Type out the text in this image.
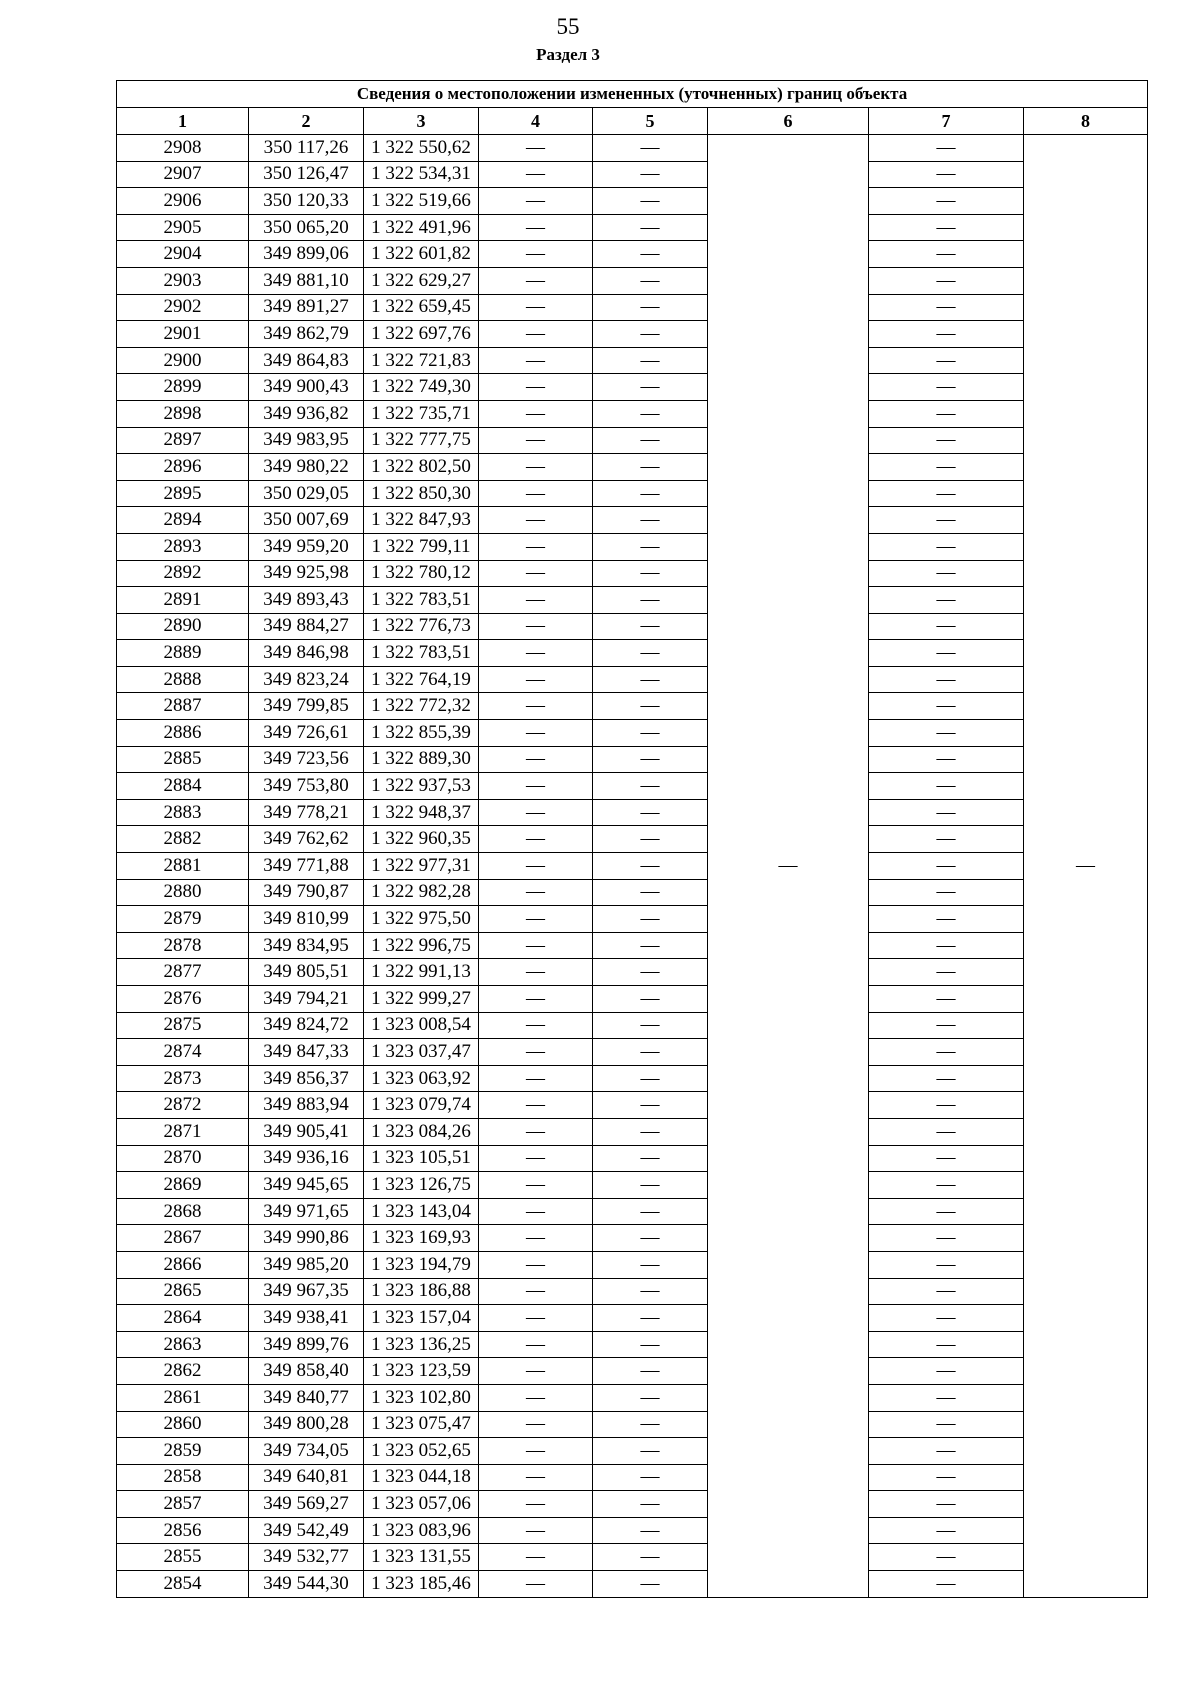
55
Раздел 3
Сведения о местоположении измененных (уточненных) границ объекта							
1	2	3	4	5	6	7	8
2908	350 117,26	1 322 550,62	—	—	—	—	—
2907	350 126,47	1 322 534,31	—	—		—	
2906	350 120,33	1 322 519,66	—	—		—	
2905	350 065,20	1 322 491,96	—	—		—	
2904	349 899,06	1 322 601,82	—	—		—	
2903	349 881,10	1 322 629,27	—	—		—	
2902	349 891,27	1 322 659,45	—	—		—	
2901	349 862,79	1 322 697,76	—	—		—	
2900	349 864,83	1 322 721,83	—	—		—	
2899	349 900,43	1 322 749,30	—	—		—	
2898	349 936,82	1 322 735,71	—	—		—	
2897	349 983,95	1 322 777,75	—	—		—	
2896	349 980,22	1 322 802,50	—	—		—	
2895	350 029,05	1 322 850,30	—	—		—	
2894	350 007,69	1 322 847,93	—	—		—	
2893	349 959,20	1 322 799,11	—	—		—	
2892	349 925,98	1 322 780,12	—	—		—	
2891	349 893,43	1 322 783,51	—	—		—	
2890	349 884,27	1 322 776,73	—	—		—	
2889	349 846,98	1 322 783,51	—	—		—	
2888	349 823,24	1 322 764,19	—	—		—	
2887	349 799,85	1 322 772,32	—	—		—	
2886	349 726,61	1 322 855,39	—	—		—	
2885	349 723,56	1 322 889,30	—	—		—	
2884	349 753,80	1 322 937,53	—	—		—	
2883	349 778,21	1 322 948,37	—	—		—	
2882	349 762,62	1 322 960,35	—	—		—	
2881	349 771,88	1 322 977,31	—	—		—	
2880	349 790,87	1 322 982,28	—	—		—	
2879	349 810,99	1 322 975,50	—	—		—	
2878	349 834,95	1 322 996,75	—	—		—	
2877	349 805,51	1 322 991,13	—	—		—	
2876	349 794,21	1 322 999,27	—	—		—	
2875	349 824,72	1 323 008,54	—	—		—	
2874	349 847,33	1 323 037,47	—	—		—	
2873	349 856,37	1 323 063,92	—	—		—	
2872	349 883,94	1 323 079,74	—	—		—	
2871	349 905,41	1 323 084,26	—	—		—	
2870	349 936,16	1 323 105,51	—	—		—	
2869	349 945,65	1 323 126,75	—	—		—	
2868	349 971,65	1 323 143,04	—	—		—	
2867	349 990,86	1 323 169,93	—	—		—	
2866	349 985,20	1 323 194,79	—	—		—	
2865	349 967,35	1 323 186,88	—	—		—	
2864	349 938,41	1 323 157,04	—	—		—	
2863	349 899,76	1 323 136,25	—	—		—	
2862	349 858,40	1 323 123,59	—	—		—	
2861	349 840,77	1 323 102,80	—	—		—	
2860	349 800,28	1 323 075,47	—	—		—	
2859	349 734,05	1 323 052,65	—	—		—	
2858	349 640,81	1 323 044,18	—	—		—	
2857	349 569,27	1 323 057,06	—	—		—	
2856	349 542,49	1 323 083,96	—	—		—	
2855	349 532,77	1 323 131,55	—	—		—	
2854	349 544,30	1 323 185,46	—	—		—	
